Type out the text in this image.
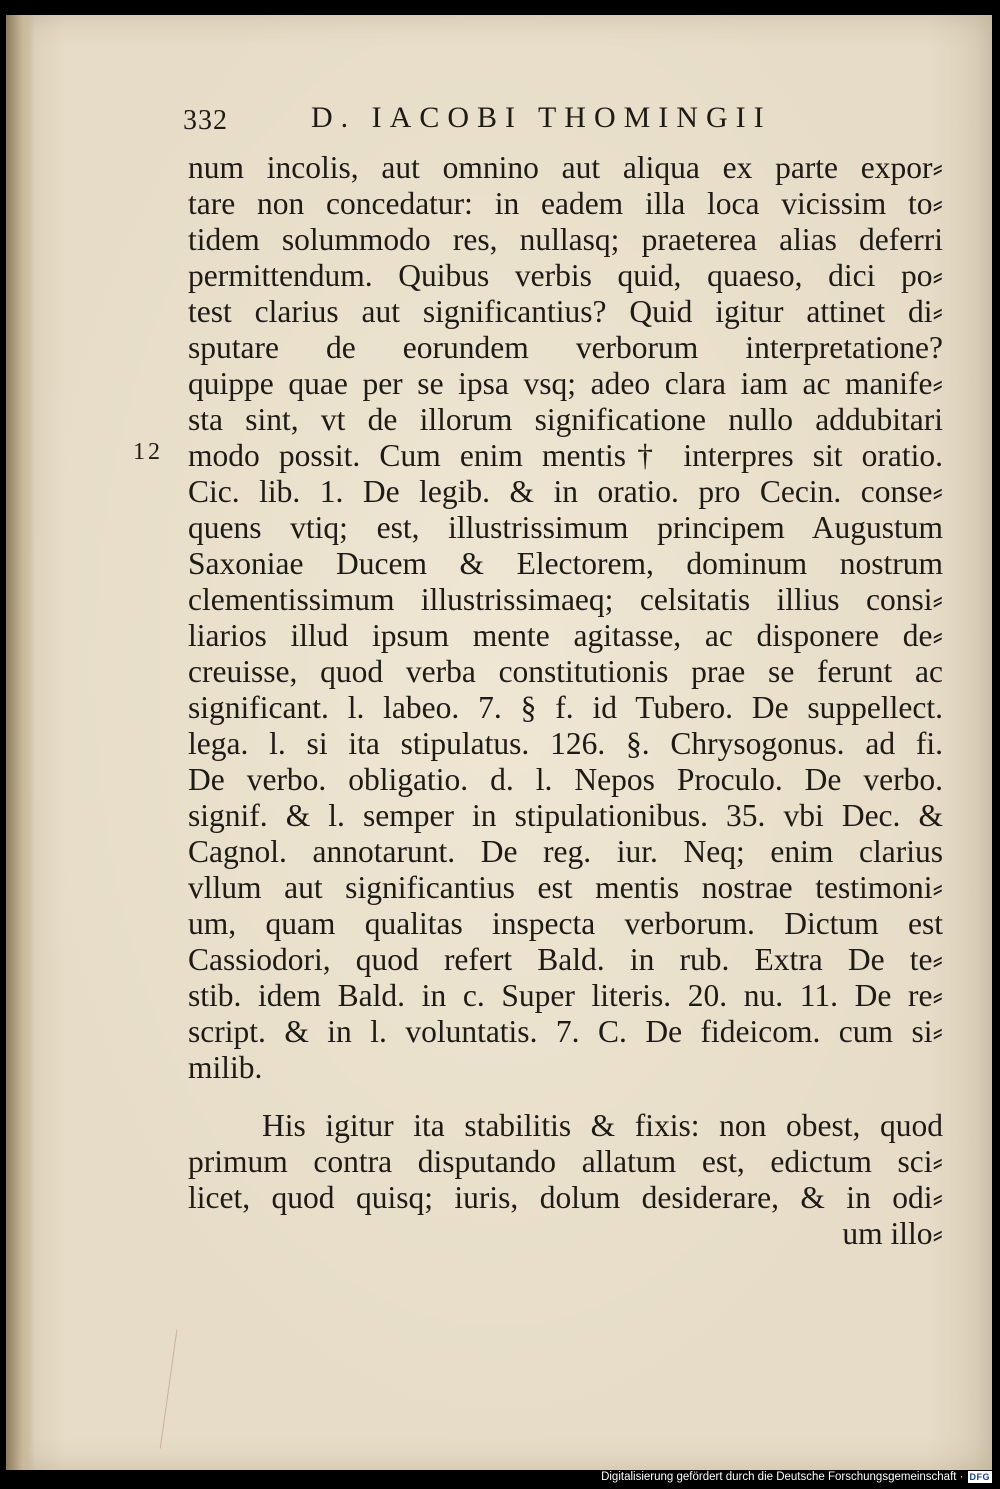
332	D. IACOBI THOMINGII
12
num incolis, aut omnino aut aliqua ex parte expor⸗
tare non concedatur: in eadem illa loca vicissim to⸗
tidem solummodo res, nullasq; praeterea alias deferri
permittendum. Quibus verbis quid, quaeso, dici po⸗
test clarius aut significantius? Quid igitur attinet di⸗
sputare de eorundem verborum interpretatione?
quippe quae per se ipsa vsq; adeo clara iam ac manife⸗
sta sint, vt de illorum significatione nullo addubitari
modo possit. Cum enim mentis† interpres sit oratio.
Cic. lib. 1. De legib. & in oratio. pro Cecin. conse⸗
quens vtiq; est, illustrissimum principem Augustum
Saxoniae Ducem & Electorem, dominum nostrum
clementissimum illustrissimaeq; celsitatis illius consi⸗
liarios illud ipsum mente agitasse, ac disponere de⸗
creuisse, quod verba constitutionis prae se ferunt ac
significant. l. labeo. 7. § f. id Tubero. De suppellect.
lega. l. si ita stipulatus. 126. §. Chrysogonus. ad fi.
De verbo. obligatio. d. l. Nepos Proculo. De verbo.
signif. & l. semper in stipulationibus. 35. vbi Dec. &
Cagnol. annotarunt. De reg. iur. Neq; enim clarius
vllum aut significantius est mentis nostrae testimoni⸗
um, quam qualitas inspecta verborum. Dictum est
Cassiodori, quod refert Bald. in rub. Extra De te⸗
stib. idem Bald. in c. Super literis. 20. nu. 11. De re⸗
script. & in l. voluntatis. 7. C. De fideicom. cum si⸗
milib.
His igitur ita stabilitis & fixis: non obest, quod
primum contra disputando allatum est, edictum sci⸗
licet, quod quisq; iuris, dolum desiderare, & in odi⸗
um illo⸗
Digitalisierung gefördert durch die Deutsche Forschungsgemeinschaft · DFG
